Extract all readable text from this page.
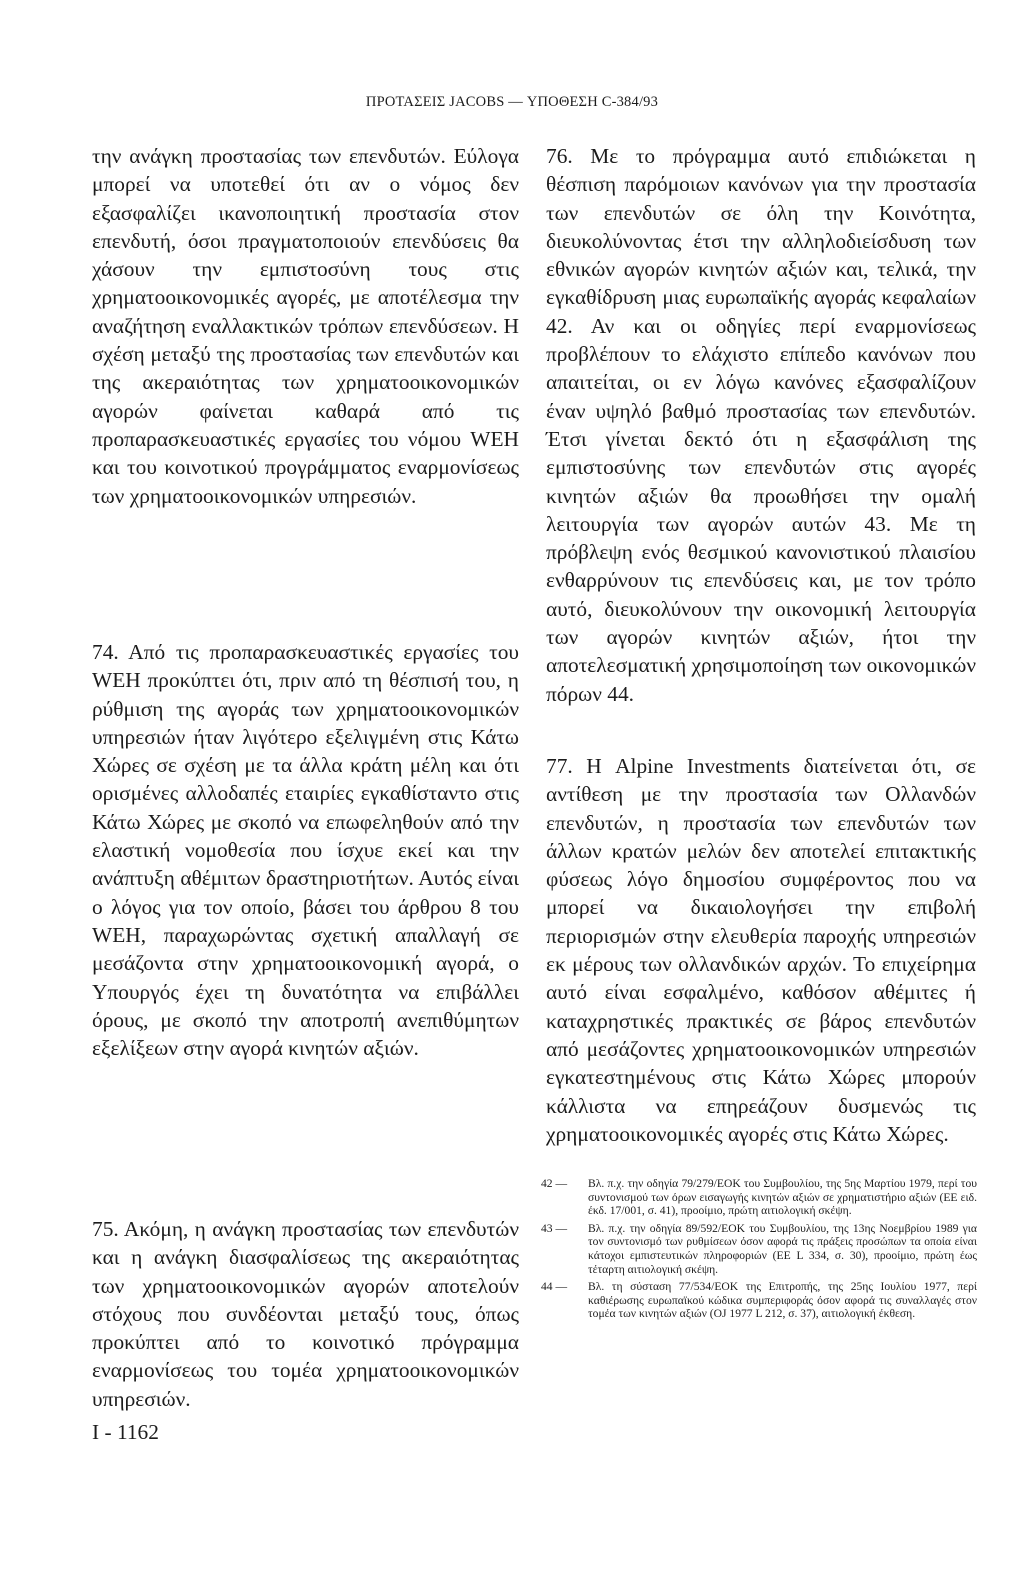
ΠΡΟΤΑΣΕΙΣ JACOBS — ΥΠΟΘΕΣΗ C-384/93

την ανάγκη προστασίας των επενδυτών. Εύλογα μπορεί να υποτεθεί ότι αν ο νόμος δεν εξασφαλίζει ικανοποιητική προστασία στον επενδυτή, όσοι πραγματοποιούν επενδύσεις θα χάσουν την εμπιστοσύνη τους στις χρηματοοικονομικές αγορές, με αποτέλεσμα την αναζήτηση εναλλακτικών τρόπων επενδύσεων. Η σχέση μεταξύ της προστασίας των επενδυτών και της ακεραιότητας των χρηματοοικονομικών αγορών φαίνεται καθαρά από τις προπαρασκευαστικές εργασίες του νόμου WEH και του κοινοτικού προγράμματος εναρμονίσεως των χρηματοοικονομικών υπηρεσιών.

74. Από τις προπαρασκευαστικές εργασίες του WEH προκύπτει ότι, πριν από τη θέσπισή του, η ρύθμιση της αγοράς των χρηματοοικονομικών υπηρεσιών ήταν λιγότερο εξελιγμένη στις Κάτω Χώρες σε σχέση με τα άλλα κράτη μέλη και ότι ορισμένες αλλοδαπές εταιρίες εγκαθίσταντο στις Κάτω Χώρες με σκοπό να επωφεληθούν από την ελαστική νομοθεσία που ίσχυε εκεί και την ανάπτυξη αθέμιτων δραστηριοτήτων. Αυτός είναι ο λόγος για τον οποίο, βάσει του άρθρου 8 του WEH, παραχωρώντας σχετική απαλλαγή σε μεσάζοντα στην χρηματοοικονομική αγορά, ο Υπουργός έχει τη δυνατότητα να επιβάλλει όρους, με σκοπό την αποτροπή ανεπιθύμητων εξελίξεων στην αγορά κινητών αξιών.

75. Ακόμη, η ανάγκη προστασίας των επενδυτών και η ανάγκη διασφαλίσεως της ακεραιότητας των χρηματοοικονομικών αγορών αποτελούν στόχους που συνδέονται μεταξύ τους, όπως προκύπτει από το κοινοτικό πρόγραμμα εναρμονίσεως του τομέα χρηματοοικονομικών υπηρεσιών.

76. Με το πρόγραμμα αυτό επιδιώκεται η θέσπιση παρόμοιων κανόνων για την προστασία των επενδυτών σε όλη την Κοινότητα, διευκολύνοντας έτσι την αλληλοδιείσδυση των εθνικών αγορών κινητών αξιών και, τελικά, την εγκαθίδρυση μιας ευρωπαϊκής αγοράς κεφαλαίων 42. Αν και οι οδηγίες περί εναρμονίσεως προβλέπουν το ελάχιστο επίπεδο κανόνων που απαιτείται, οι εν λόγω κανόνες εξασφαλίζουν έναν υψηλό βαθμό προστασίας των επενδυτών. Έτσι γίνεται δεκτό ότι η εξασφάλιση της εμπιστοσύνης των επενδυτών στις αγορές κινητών αξιών θα προωθήσει την ομαλή λειτουργία των αγορών αυτών 43. Με τη πρόβλεψη ενός θεσμικού κανονιστικού πλαισίου ενθαρρύνουν τις επενδύσεις και, με τον τρόπο αυτό, διευκολύνουν την οικονομική λειτουργία των αγορών κινητών αξιών, ήτοι την αποτελεσματική χρησιμοποίηση των οικονομικών πόρων 44.

77. Η Alpine Investments διατείνεται ότι, σε αντίθεση με την προστασία των Ολλανδών επενδυτών, η προστασία των επενδυτών των άλλων κρατών μελών δεν αποτελεί επιτακτικής φύσεως λόγο δημοσίου συμφέροντος που να μπορεί να δικαιολογήσει την επιβολή περιορισμών στην ελευθερία παροχής υπηρεσιών εκ μέρους των ολλανδικών αρχών. Το επιχείρημα αυτό είναι εσφαλμένο, καθόσον αθέμιτες ή καταχρηστικές πρακτικές σε βάρος επενδυτών από μεσάζοντες χρηματοοικονομικών υπηρεσιών εγκατεστημένους στις Κάτω Χώρες μπορούν κάλλιστα να επηρεάζουν δυσμενώς τις χρηματοοικονομικές αγορές στις Κάτω Χώρες.

42 —	Βλ. π.χ. την οδηγία 79/279/ΕΟΚ του Συμβουλίου, της 5ης Μαρτίου 1979, περί του συντονισμού των όρων εισαγωγής κινητών αξιών σε χρηματιστήριο αξιών (ΕΕ ειδ. έκδ. 17/001, σ. 41), προοίμιο, πρώτη αιτιολογική σκέψη.
43 —	Βλ. π.χ. την οδηγία 89/592/ΕΟΚ του Συμβουλίου, της 13ης Νοεμβρίου 1989 για τον συντονισμό των ρυθμίσεων όσον αφορά τις πράξεις προσώπων τα οποία είναι κάτοχοι εμπιστευτικών πληροφοριών (ΕΕ L 334, σ. 30), προοίμιο, πρώτη έως τέταρτη αιτιολογική σκέψη.
44 —	Βλ. τη σύσταση 77/534/ΕΟΚ της Επιτροπής, της 25ης Ιουλίου 1977, περί καθιέρωσης ευρωπαϊκού κώδικα συμπεριφοράς όσον αφορά τις συναλλαγές στον τομέα των κινητών αξιών (OJ 1977 L 212, σ. 37), αιτιολογική έκθεση.
I - 1162
